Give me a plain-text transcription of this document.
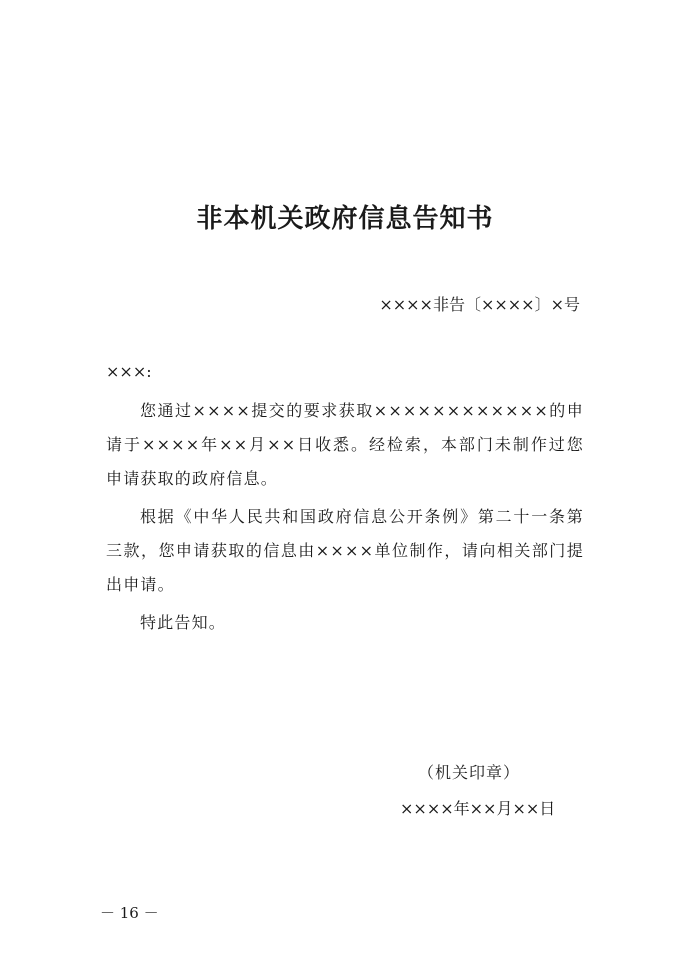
非本机关政府信息告知书
××××非告〔××××〕×号
×××:
您通过××××提交的要求获取××××××××××××的申请于××××年××月××日收悉。经检索，本部门未制作过您申请获取的政府信息。
根据《中华人民共和国政府信息公开条例》第二十一条第三款，您申请获取的信息由××××单位制作，请向相关部门提出申请。
特此告知。
（机关印章）
××××年××月××日
－ 16 －
